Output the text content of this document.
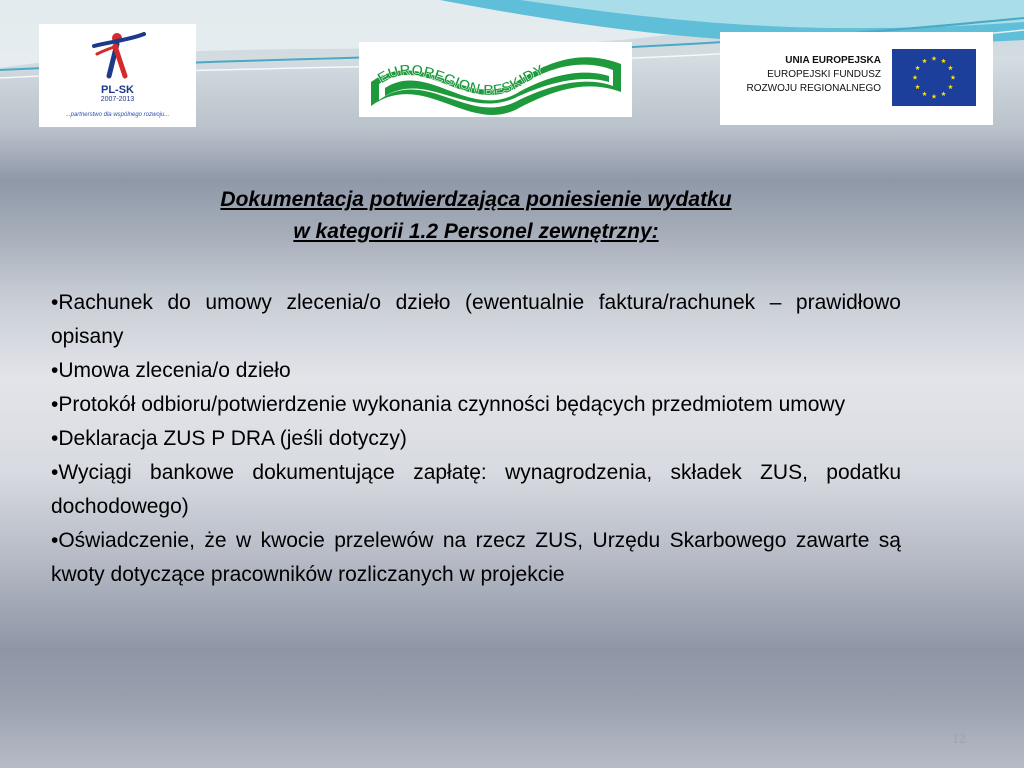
PL-SK
2007-2013
...partnerstwo dla wspólnego rozwoju...
EUROREGION BESKIDY
UNIA EUROPEJSKA
EUROPEJSKI FUNDUSZ
ROZWOJU REGIONALNEGO
Dokumentacja potwierdzająca poniesienie wydatku
w kategorii 1.2 Personel zewnętrzny:

•Rachunek do umowy zlecenia/o dzieło (ewentualnie faktura/rachunek – prawidłowo opisany

•Umowa zlecenia/o dzieło

•Protokół odbioru/potwierdzenie wykonania czynności będących przedmiotem umowy

•Deklaracja ZUS P DRA (jeśli dotyczy)

•Wyciągi bankowe dokumentujące zapłatę: wynagrodzenia, składek ZUS, podatku dochodowego)

•Oświadczenie, że w kwocie przelewów na rzecz ZUS, Urzędu Skarbowego zawarte są kwoty dotyczące pracowników rozliczanych w projekcie

12
